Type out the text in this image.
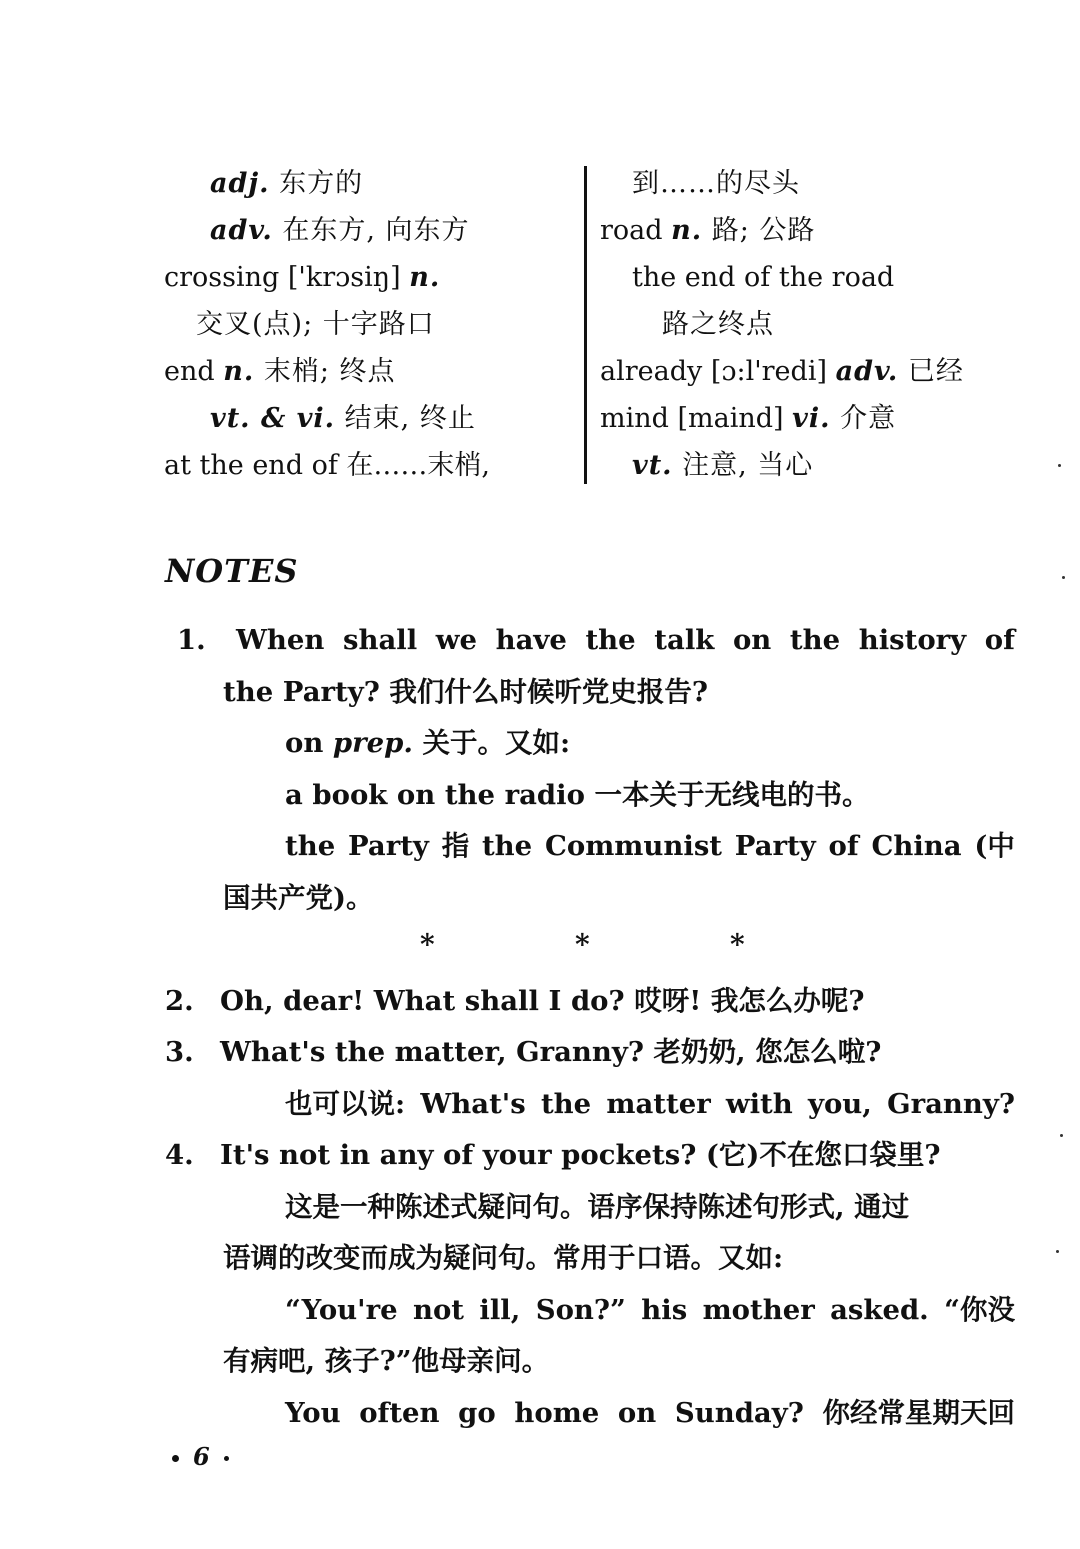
adj. 东方的
adv. 在东方, 向东方
crossing ['krɔsiŋ] n.
交叉(点); 十字路口
end n. 末梢; 终点
vt. & vi. 结束, 终止
at the end of 在……末梢,
到……的尽头
road n. 路; 公路
the end of the road
路之终点
already [ɔ:l'redi] adv. 已经
mind [maind] vi. 介意
vt. 注意, 当心
NOTES
1.	When shall we have the talk on the history of
the Party? 我们什么时候听党史报告?
on prep. 关于。又如:
a book on the radio 一本关于无线电的书。
the Party 指 the Communist Party of China (中
国共产党)。
2. Oh, dear! What shall I do? 哎呀! 我怎么办呢?
3. What's the matter, Granny? 老奶奶, 您怎么啦?
也可以说: What's the matter with you, Granny?
4. It's not in any of your pockets? (它)不在您口袋里?
这是一种陈述式疑问句。语序保持陈述句形式, 通过
语调的改变而成为疑问句。常用于口语。又如:
“You're not ill, Son?” his mother asked. “你没
有病吧, 孩子?”他母亲问。
You often go home on Sunday? 你经常星期天回
*	*	*
6
